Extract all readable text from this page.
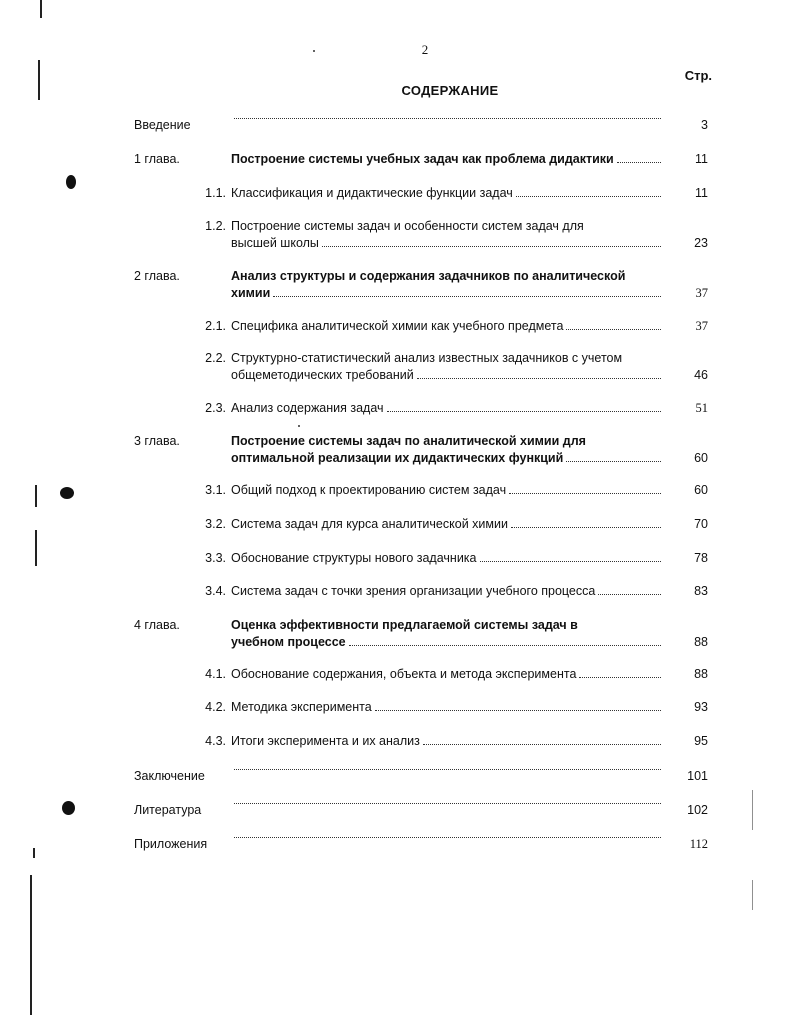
2
Стр.
СОДЕРЖАНИЕ
Введение	3
1 глава.	Построение системы учебных задач как проблема дидактики	11
1.1. Классификация и дидактические функции задач	11
1.2. Построение системы задач и особенности систем задач для
высшей школы	23
2 глава.	Анализ структуры и содержания задачников по аналитической
химии	37
2.1. Специфика аналитической химии как учебного предмета	37
2.2. Структурно-статистический анализ известных задачников с учетом
общеметодических требований	46
2.3. Анализ содержания задач	51
3 глава.	Построение системы задач по аналитической химии для
оптимальной реализации их дидактических функций	60
3.1. Общий подход к проектированию систем задач	60
3.2. Система задач для курса аналитической химии	70
3.3. Обоснование структуры нового задачника	78
3.4. Система задач с точки зрения организации учебного процесса	83
4 глава.	Оценка эффективности предлагаемой системы задач в
учебном процессе	88
4.1. Обоснование содержания, объекта и метода эксперимента	88
4.2. Методика эксперимента	93
4.3. Итоги эксперимента и их анализ	95
Заключение	101
Литература	102
Приложения	112
